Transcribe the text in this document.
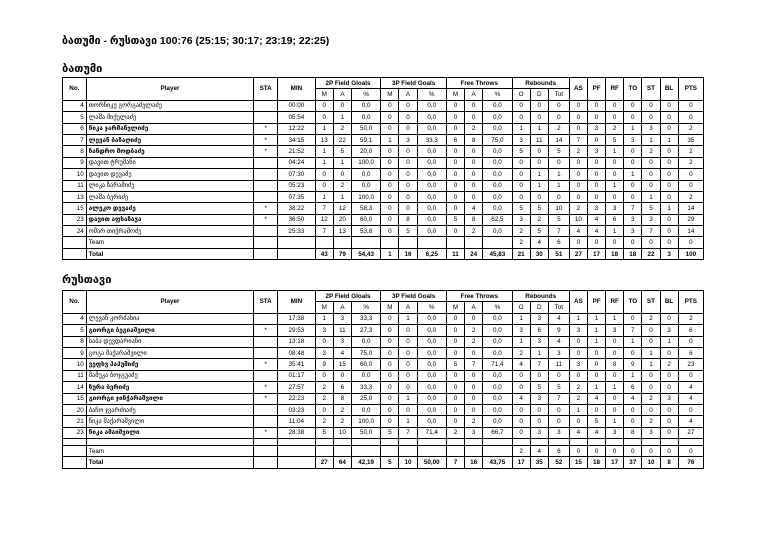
ბათუმი - რუსთავი 100:76 (25:15; 30:17; 23:19; 22:25)
ბათუმი
No.	Player	STA	MIN	2P Field Gloals			3P Field Goals			Free Throws			Rebounds			AS	PF	RF	TO	ST	BL	PTS
				M	A	%	M	A	%	M	A	%	O	D	Tot							
4	თორნიკე გორგაძელაძე		00:00	0	0	0,0	0	0	0,0	0	0	0,0	0	0	0	0	0	0	0	0	0	0
5	ლაშა მიქელაძე		05:54	0	1	0,0	0	0	0,0	0	0	0,0	0	0	0	0	0	0	0	0	0	0
6	ნიკა ჯარმანელიძე	*	12:22	1	2	50,0	0	0	0,0	0	2	0,0	1	1	2	0	3	2	1	3	0	2
7	ლევან ბაზაღიძე	*	34:15	13	22	59,1	1	3	33,3	6	8	75,0	3	11	14	7	0	5	3	1	1	35
8	ზანდრო მოდბაძე	*	21:52	1	5	20,0	0	0	0,0	0	0	0,0	5	0	5	2	3	1	0	2	0	2
9	დავით ტრუმანი		04:24	1	1	100,0	0	0	0,0	0	0	0,0	0	0	0	0	0	0	0	0	0	2
10	დავით დევაძე		07:30	0	0	0,0	0	0	0,0	0	0	0,0	0	1	1	0	0	0	1	0	0	0
11	ლიკა ზარამიძე		05:23	0	2	0,0	0	0	0,0	0	0	0,0	0	1	1	0	0	1	0	0	0	0
13	ლაშა ბერიძე		07:35	1	1	100,0	0	0	0,0	0	0	0,0	0	0	0	0	0	0	0	1	0	2
15	ალეკო დევაძე	*	38:22	7	12	58,3	0	0	0,0	0	4	0,0	5	5	10	2	3	3	7	5	1	14
23	დავით აფხაზავა	*	36:50	12	20	60,0	0	8	0,0	5	8	62,5	3	2	5	10	4	6	3	3	0	29
24	ომარ თიჭრამოძე		25:33	7	13	53,8	0	5	0,0	0	2	0,0	2	5	7	4	4	1	3	7	0	14
	Team												2	4	6	0	0	0	0	0	0	0
	Total			43	79	54,43	1	16	6,25	11	24	45,83	21	30	51	27	17	18	18	22	3	100
რუსთავი
No.	Player	STA	MIN	2P Field Gloals			3P Field Goals			Free Throws			Rebounds			AS	PF	RF	TO	ST	BL	PTS
				M	A	%	M	A	%	M	A	%	O	D	Tot							
4	ლევან კორძახია		17:38	1	3	33,3	0	1	0,0	0	0	0,0	1	3	4	1	1	1	0	2	0	2
5	გიორგი ბეგიაშვილი	*	29:53	3	11	27,3	0	0	0,0	0	2	0,0	3	6	9	3	1	3	7	0	3	6
8	საბა დევდარიანი		13:18	0	3	0,0	0	0	0,0	0	2	0,0	1	3	4	0	1	0	1	0	1	0
9	გოგა მაქარაშვილი		08:48	3	4	75,0	0	0	0,0	0	0	0,0	2	1	3	0	0	0	0	1	0	6
10	ვეფხვ პაპუშიძე	*	35:41	9	15	60,0	0	0	0,0	5	7	71,4	4	7	11	3	0	8	9	1	2	23
11	მამუკა ბოჯგუაძე		01:17	0	0	0,0	0	0	0,0	0	0	0,0	0	0	0	0	0	0	1	0	0	0
14	ზურა ბერიძე	*	27:57	2	6	33,3	0	0	0,0	0	0	0,0	0	5	5	2	1	1	6	0	0	4
15	გიორგი ჯინჭარაშვილი	*	22:23	2	8	25,0	0	1	0,0	0	0	0,0	4	3	7	2	4	0	4	2	3	4
20	ბაჩო ჯვარძიაძე		03:23	0	2	0,0	0	0	0,0	0	0	0,0	0	0	0	1	0	0	0	0	0	0
21	ნიკა შაქარაშვილი		11:04	2	2	100,0	0	1	0,0	0	2	0,0	0	0	0	0	5	1	0	2	0	4
23	ნიკა ამაიშვილი	*	28:38	5	10	50,0	5	7	71,4	2	3	66,7	0	3	3	4	4	3	8	3	0	27

	Team												2	4	6	0	0	0	0	0	0	0
	Total			27	64	42,19	5	10	50,00	7	16	43,75	17	35	52	15	18	17	37	10	8	76
